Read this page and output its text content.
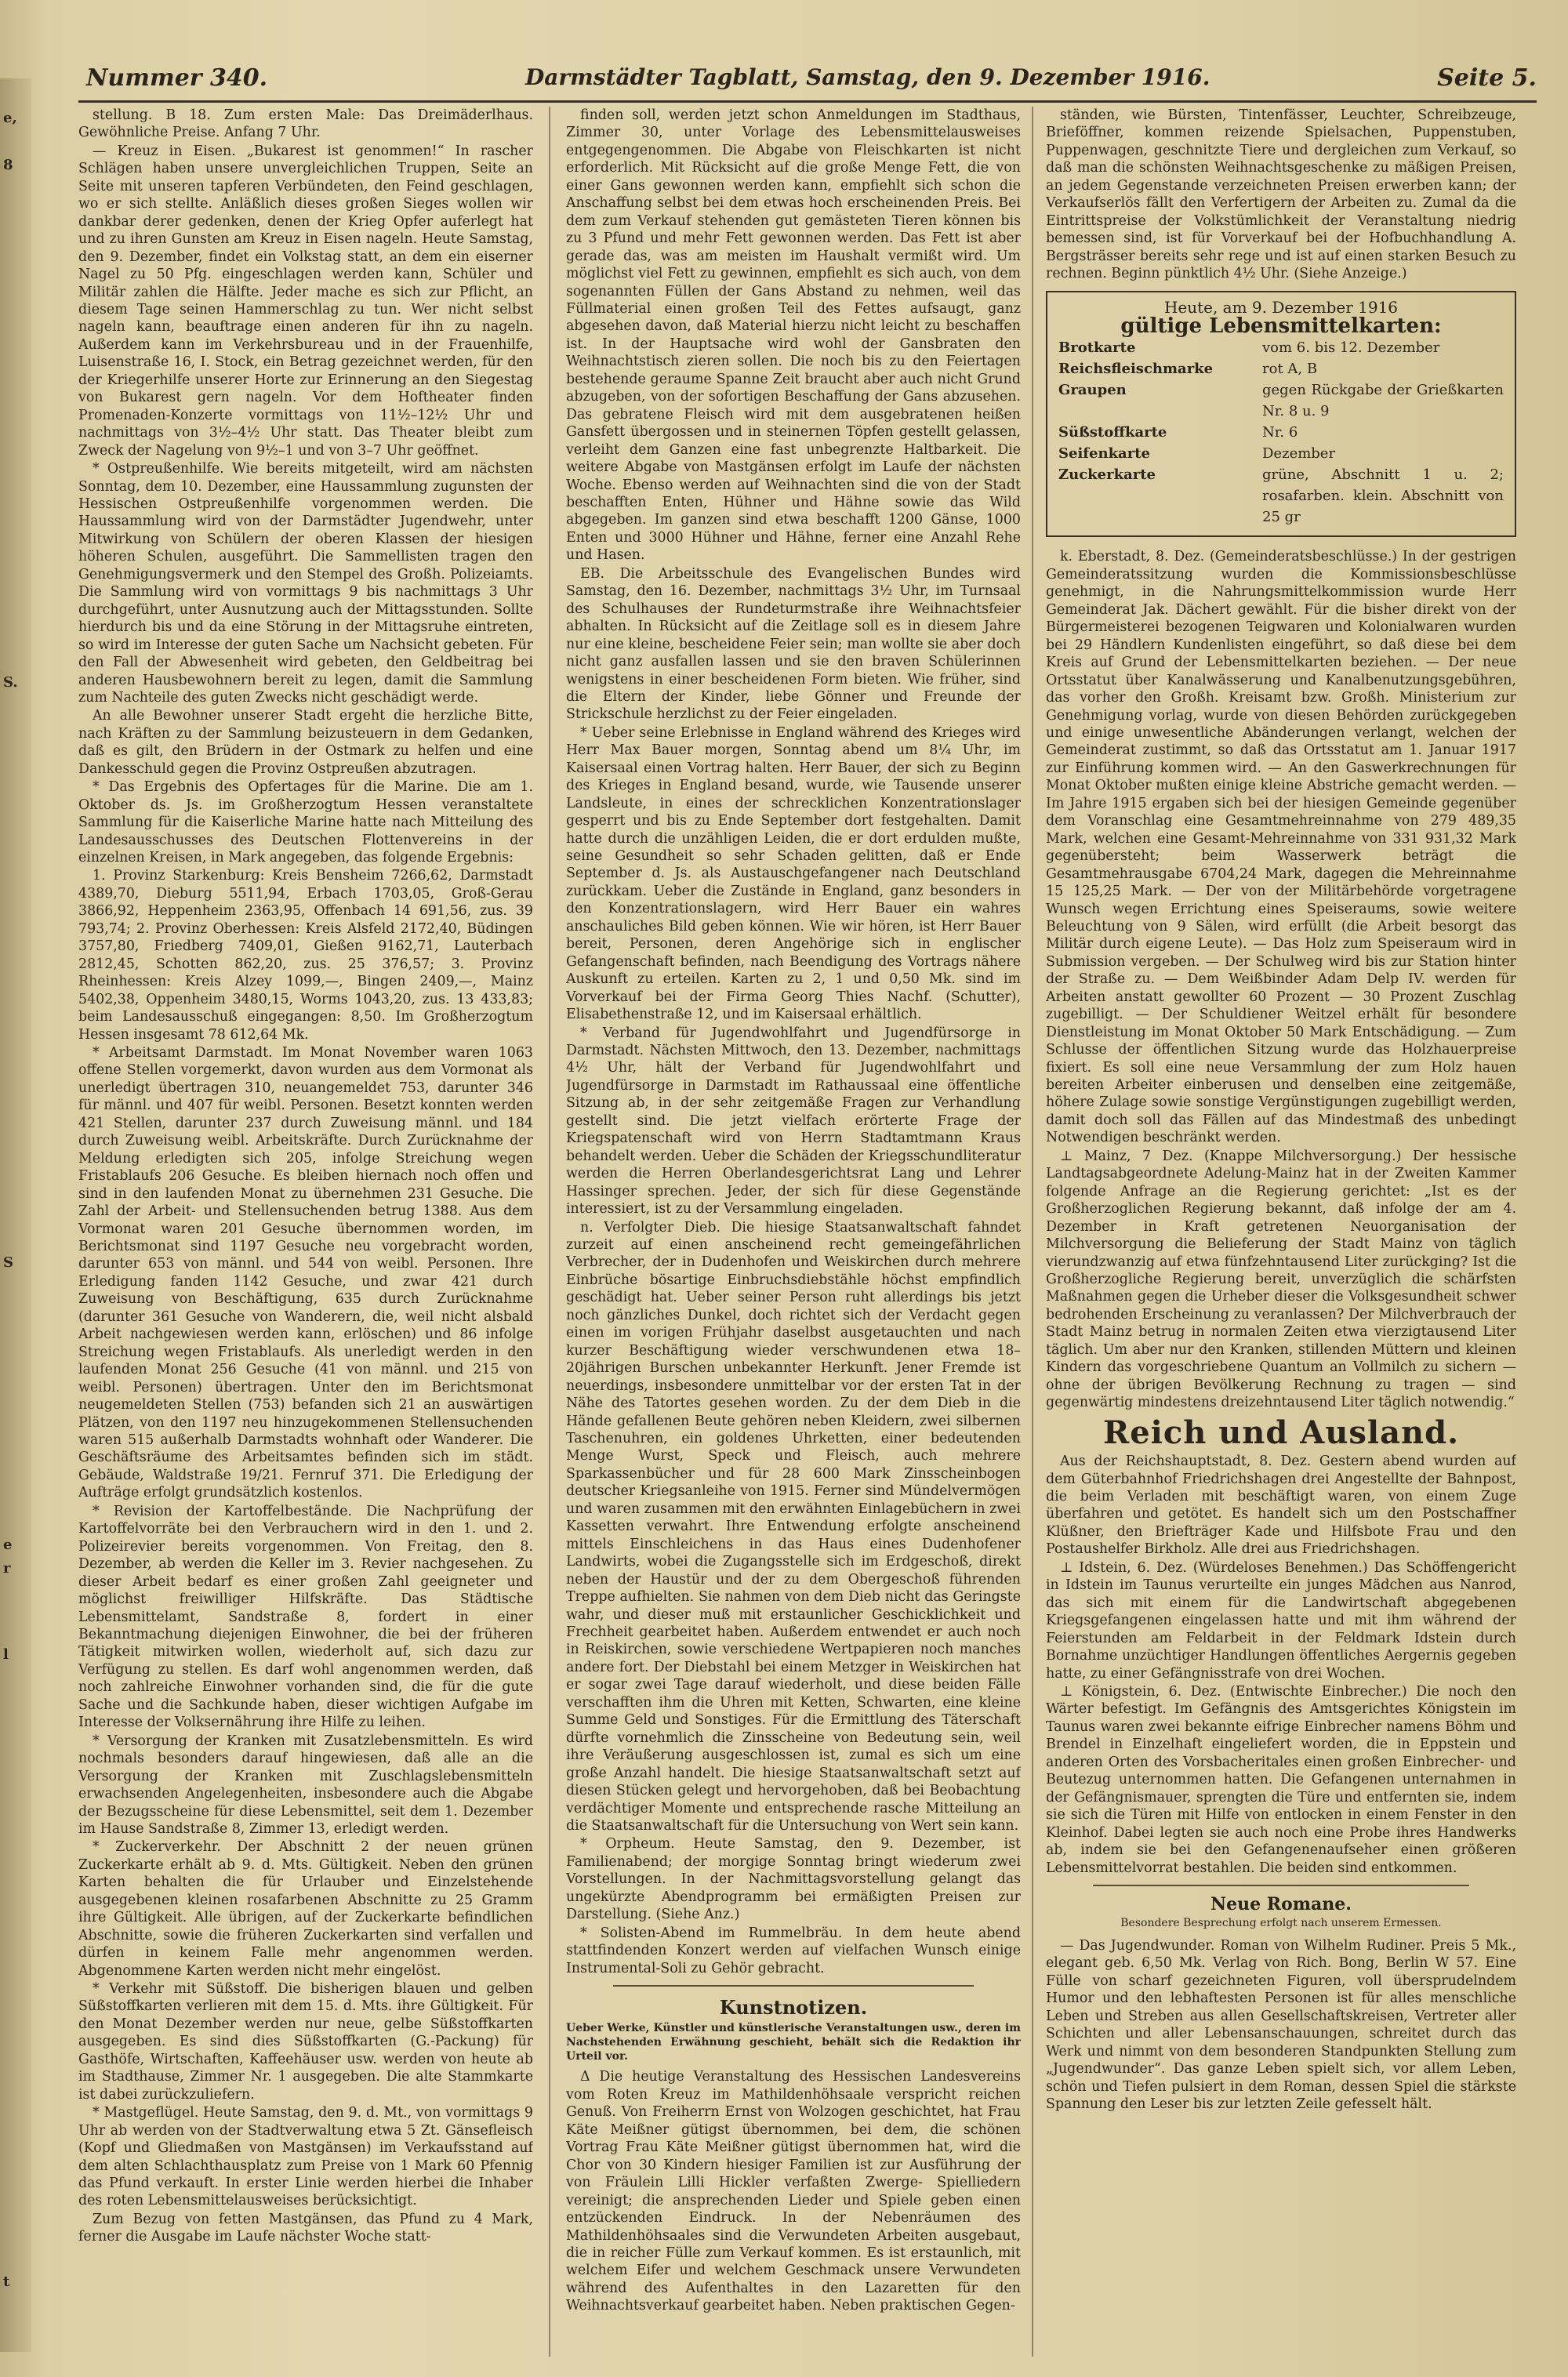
e,
8
S.
S
e
r
l
t
Nummer 340.	Darmstädter Tagblatt, Samstag, den 9. Dezember 1916.	Seite 5.

stellung. B 18. Zum ersten Male: Das Dreimäderlhaus. Gewöhnliche Preise. Anfang 7 Uhr.

— Kreuz in Eisen. „Bukarest ist genommen!“ In rascher Schlägen haben unsere unvergleichlichen Truppen, Seite an Seite mit unseren tapferen Verbündeten, den Feind geschlagen, wo er sich stellte. Anläßlich dieses großen Sieges wollen wir dankbar derer gedenken, denen der Krieg Opfer auferlegt hat und zu ihren Gunsten am Kreuz in Eisen nageln. Heute Samstag, den 9. Dezember, findet ein Volkstag statt, an dem ein eiserner Nagel zu 50 Pfg. eingeschlagen werden kann, Schüler und Militär zahlen die Hälfte. Jeder mache es sich zur Pflicht, an diesem Tage seinen Hammerschlag zu tun. Wer nicht selbst nageln kann, beauftrage einen anderen für ihn zu nageln. Außerdem kann im Verkehrsbureau und in der Frauenhilfe, Luisenstraße 16, I. Stock, ein Betrag gezeichnet werden, für den der Kriegerhilfe unserer Horte zur Erinnerung an den Siegestag von Bukarest gern nageln. Vor dem Hoftheater finden Promenaden-Konzerte vormittags von 11½–12½ Uhr und nachmittags von 3½–4½ Uhr statt. Das Theater bleibt zum Zweck der Nagelung von 9½–1 und von 3–7 Uhr geöffnet.

* Ostpreußenhilfe. Wie bereits mitgeteilt, wird am nächsten Sonntag, dem 10. Dezember, eine Haussammlung zugunsten der Hessischen Ostpreußenhilfe vorgenommen werden. Die Haussammlung wird von der Darmstädter Jugendwehr, unter Mitwirkung von Schülern der oberen Klassen der hiesigen höheren Schulen, ausgeführt. Die Sammellisten tragen den Genehmigungsvermerk und den Stempel des Großh. Polizeiamts. Die Sammlung wird von vormittags 9 bis nachmittags 3 Uhr durchgeführt, unter Ausnutzung auch der Mittagsstunden. Sollte hierdurch bis und da eine Störung in der Mittagsruhe eintreten, so wird im Interesse der guten Sache um Nachsicht gebeten. Für den Fall der Abwesenheit wird gebeten, den Geldbeitrag bei anderen Hausbewohnern bereit zu legen, damit die Sammlung zum Nachteile des guten Zwecks nicht geschädigt werde.

An alle Bewohner unserer Stadt ergeht die herzliche Bitte, nach Kräften zu der Sammlung beizusteuern in dem Gedanken, daß es gilt, den Brüdern in der Ostmark zu helfen und eine Dankesschuld gegen die Provinz Ostpreußen abzutragen.

* Das Ergebnis des Opfertages für die Marine. Die am 1. Oktober ds. Js. im Großherzogtum Hessen veranstaltete Sammlung für die Kaiserliche Marine hatte nach Mitteilung des Landesausschusses des Deutschen Flottenvereins in der einzelnen Kreisen, in Mark angegeben, das folgende Ergebnis:

1. Provinz Starkenburg: Kreis Bensheim 7266,62, Darmstadt 4389,70, Dieburg 5511,94, Erbach 1703,05, Groß-Gerau 3866,92, Heppenheim 2363,95, Offenbach 14 691,56, zus. 39 793,74; 2. Provinz Oberhessen: Kreis Alsfeld 2172,40, Büdingen 3757,80, Friedberg 7409,01, Gießen 9162,71, Lauterbach 2812,45, Schotten 862,20, zus. 25 376,57; 3. Provinz Rheinhessen: Kreis Alzey 1099,—, Bingen 2409,—, Mainz 5402,38, Oppenheim 3480,15, Worms 1043,20, zus. 13 433,83; beim Landesausschuß eingegangen: 8,50. Im Großherzogtum Hessen insgesamt 78 612,64 Mk.

* Arbeitsamt Darmstadt. Im Monat November waren 1063 offene Stellen vorgemerkt, davon wurden aus dem Vormonat als unerledigt übertragen 310, neuangemeldet 753, darunter 346 für männl. und 407 für weibl. Personen. Besetzt konnten werden 421 Stellen, darunter 237 durch Zuweisung männl. und 184 durch Zuweisung weibl. Arbeitskräfte. Durch Zurücknahme der Meldung erledigten sich 205, infolge Streichung wegen Fristablaufs 206 Gesuche. Es bleiben hiernach noch offen und sind in den laufenden Monat zu übernehmen 231 Gesuche. Die Zahl der Arbeit- und Stellensuchenden betrug 1388. Aus dem Vormonat waren 201 Gesuche übernommen worden, im Berichtsmonat sind 1197 Gesuche neu vorgebracht worden, darunter 653 von männl. und 544 von weibl. Personen. Ihre Erledigung fanden 1142 Gesuche, und zwar 421 durch Zuweisung von Beschäftigung, 635 durch Zurücknahme (darunter 361 Gesuche von Wanderern, die, weil nicht alsbald Arbeit nachgewiesen werden kann, erlöschen) und 86 infolge Streichung wegen Fristablaufs. Als unerledigt werden in den laufenden Monat 256 Gesuche (41 von männl. und 215 von weibl. Personen) übertragen. Unter den im Berichtsmonat neugemeldeten Stellen (753) befanden sich 21 an auswärtigen Plätzen, von den 1197 neu hinzugekommenen Stellensuchenden waren 515 außerhalb Darmstadts wohnhaft oder Wanderer. Die Geschäftsräume des Arbeitsamtes befinden sich im städt. Gebäude, Waldstraße 19/21. Fernruf 371. Die Erledigung der Aufträge erfolgt grundsätzlich kostenlos.

* Revision der Kartoffelbestände. Die Nachprüfung der Kartoffelvorräte bei den Verbrauchern wird in den 1. und 2. Polizeirevier bereits vorgenommen. Von Freitag, den 8. Dezember, ab werden die Keller im 3. Revier nachgesehen. Zu dieser Arbeit bedarf es einer großen Zahl geeigneter und möglichst freiwilliger Hilfskräfte. Das Städtische Lebensmittelamt, Sandstraße 8, fordert in einer Bekanntmachung diejenigen Einwohner, die bei der früheren Tätigkeit mitwirken wollen, wiederholt auf, sich dazu zur Verfügung zu stellen. Es darf wohl angenommen werden, daß noch zahlreiche Einwohner vorhanden sind, die für die gute Sache und die Sachkunde haben, dieser wichtigen Aufgabe im Interesse der Volksernährung ihre Hilfe zu leihen.

* Versorgung der Kranken mit Zusatzlebensmitteln. Es wird nochmals besonders darauf hingewiesen, daß alle an die Versorgung der Kranken mit Zuschlagslebensmitteln erwachsenden Angelegenheiten, insbesondere auch die Abgabe der Bezugsscheine für diese Lebensmittel, seit dem 1. Dezember im Hause Sandstraße 8, Zimmer 13, erledigt werden.

* Zuckerverkehr. Der Abschnitt 2 der neuen grünen Zuckerkarte erhält ab 9. d. Mts. Gültigkeit. Neben den grünen Karten behalten die für Urlauber und Einzelstehende ausgegebenen kleinen rosafarbenen Abschnitte zu 25 Gramm ihre Gültigkeit. Alle übrigen, auf der Zuckerkarte befindlichen Abschnitte, sowie die früheren Zuckerkarten sind verfallen und dürfen in keinem Falle mehr angenommen werden. Abgenommene Karten werden nicht mehr eingelöst.

* Verkehr mit Süßstoff. Die bisherigen blauen und gelben Süßstoffkarten verlieren mit dem 15. d. Mts. ihre Gültigkeit. Für den Monat Dezember werden nur neue, gelbe Süßstoffkarten ausgegeben. Es sind dies Süßstoffkarten (G.-Packung) für Gasthöfe, Wirtschaften, Kaffeehäuser usw. werden von heute ab im Stadthause, Zimmer Nr. 1 ausgegeben. Die alte Stammkarte ist dabei zurückzuliefern.

* Mastgeflügel. Heute Samstag, den 9. d. Mt., von vormittags 9 Uhr ab werden von der Stadtverwaltung etwa 5 Zt. Gänsefleisch (Kopf und Gliedmaßen von Mastgänsen) im Verkaufsstand auf dem alten Schlachthausplatz zum Preise von 1 Mark 60 Pfennig das Pfund verkauft. In erster Linie werden hierbei die Inhaber des roten Lebensmittelausweises berücksichtigt.

Zum Bezug von fetten Mastgänsen, das Pfund zu 4 Mark, ferner die Ausgabe im Laufe nächster Woche statt-

finden soll, werden jetzt schon Anmeldungen im Stadthaus, Zimmer 30, unter Vorlage des Lebensmittelausweises entgegengenommen. Die Abgabe von Fleischkarten ist nicht erforderlich. Mit Rücksicht auf die große Menge Fett, die von einer Gans gewonnen werden kann, empfiehlt sich schon die Anschaffung selbst bei dem etwas hoch erscheinenden Preis. Bei dem zum Verkauf stehenden gut gemästeten Tieren können bis zu 3 Pfund und mehr Fett gewonnen werden. Das Fett ist aber gerade das, was am meisten im Haushalt vermißt wird. Um möglichst viel Fett zu gewinnen, empfiehlt es sich auch, von dem sogenannten Füllen der Gans Abstand zu nehmen, weil das Füllmaterial einen großen Teil des Fettes aufsaugt, ganz abgesehen davon, daß Material hierzu nicht leicht zu beschaffen ist. In der Hauptsache wird wohl der Gansbraten den Weihnachtstisch zieren sollen. Die noch bis zu den Feiertagen bestehende geraume Spanne Zeit braucht aber auch nicht Grund abzugeben, von der sofortigen Beschaffung der Gans abzusehen. Das gebratene Fleisch wird mit dem ausgebratenen heißen Gansfett übergossen und in steinernen Töpfen gestellt gelassen, verleiht dem Ganzen eine fast unbegrenzte Haltbarkeit. Die weitere Abgabe von Mastgänsen erfolgt im Laufe der nächsten Woche. Ebenso werden auf Weihnachten sind die von der Stadt beschafften Enten, Hühner und Hähne sowie das Wild abgegeben. Im ganzen sind etwa beschafft 1200 Gänse, 1000 Enten und 3000 Hühner und Hähne, ferner eine Anzahl Rehe und Hasen.

EB. Die Arbeitsschule des Evangelischen Bundes wird Samstag, den 16. Dezember, nachmittags 3½ Uhr, im Turnsaal des Schulhauses der Rundeturmstraße ihre Weihnachtsfeier abhalten. In Rücksicht auf die Zeitlage soll es in diesem Jahre nur eine kleine, bescheidene Feier sein; man wollte sie aber doch nicht ganz ausfallen lassen und sie den braven Schülerinnen wenigstens in einer bescheidenen Form bieten. Wie früher, sind die Eltern der Kinder, liebe Gönner und Freunde der Strickschule herzlichst zu der Feier eingeladen.

* Ueber seine Erlebnisse in England während des Krieges wird Herr Max Bauer morgen, Sonntag abend um 8¼ Uhr, im Kaisersaal einen Vortrag halten. Herr Bauer, der sich zu Beginn des Krieges in England besand, wurde, wie Tausende unserer Landsleute, in eines der schrecklichen Konzentrationslager gesperrt und bis zu Ende September dort festgehalten. Damit hatte durch die unzähligen Leiden, die er dort erdulden mußte, seine Gesundheit so sehr Schaden gelitten, daß er Ende September d. Js. als Austauschgefangener nach Deutschland zurückkam. Ueber die Zustände in England, ganz besonders in den Konzentrationslagern, wird Herr Bauer ein wahres anschauliches Bild geben können. Wie wir hören, ist Herr Bauer bereit, Personen, deren Angehörige sich in englischer Gefangenschaft befinden, nach Beendigung des Vortrags nähere Auskunft zu erteilen. Karten zu 2, 1 und 0,50 Mk. sind im Vorverkauf bei der Firma Georg Thies Nachf. (Schutter), Elisabethenstraße 12, und im Kaisersaal erhältlich.

* Verband für Jugendwohlfahrt und Jugendfürsorge in Darmstadt. Nächsten Mittwoch, den 13. Dezember, nachmittags 4½ Uhr, hält der Verband für Jugendwohlfahrt und Jugendfürsorge in Darmstadt im Rathaussaal eine öffentliche Sitzung ab, in der sehr zeitgemäße Fragen zur Verhandlung gestellt sind. Die jetzt vielfach erörterte Frage der Kriegspatenschaft wird von Herrn Stadtamtmann Kraus behandelt werden. Ueber die Schäden der Kriegsschundliteratur werden die Herren Oberlandesgerichtsrat Lang und Lehrer Hassinger sprechen. Jeder, der sich für diese Gegenstände interessiert, ist zu der Versammlung eingeladen.

n. Verfolgter Dieb. Die hiesige Staatsanwaltschaft fahndet zurzeit auf einen anscheinend recht gemeingefährlichen Verbrecher, der in Dudenhofen und Weiskirchen durch mehrere Einbrüche bösartige Einbruchsdiebstähle höchst empfindlich geschädigt hat. Ueber seiner Person ruht allerdings bis jetzt noch gänzliches Dunkel, doch richtet sich der Verdacht gegen einen im vorigen Frühjahr daselbst ausgetauchten und nach kurzer Beschäftigung wieder verschwundenen etwa 18–20jährigen Burschen unbekannter Herkunft. Jener Fremde ist neuerdings, insbesondere unmittelbar vor der ersten Tat in der Nähe des Tatortes gesehen worden. Zu der dem Dieb in die Hände gefallenen Beute gehören neben Kleidern, zwei silbernen Taschenuhren, ein goldenes Uhrketten, einer bedeutenden Menge Wurst, Speck und Fleisch, auch mehrere Sparkassenbücher und für 28 600 Mark Zinsscheinbogen deutscher Kriegsanleihe von 1915. Ferner sind Mündelvermögen und waren zusammen mit den erwähnten Einlagebüchern in zwei Kassetten verwahrt. Ihre Entwendung erfolgte anscheinend mittels Einschleichens in das Haus eines Dudenhofener Landwirts, wobei die Zugangsstelle sich im Erdgeschoß, direkt neben der Haustür und der zu dem Obergeschoß führenden Treppe aufhielten. Sie nahmen von dem Dieb nicht das Geringste wahr, und dieser muß mit erstaunlicher Geschicklichkeit und Frechheit gearbeitet haben. Außerdem entwendet er auch noch in Reiskirchen, sowie verschiedene Wertpapieren noch manches andere fort. Der Diebstahl bei einem Metzger in Weiskirchen hat er sogar zwei Tage darauf wiederholt, und diese beiden Fälle verschafften ihm die Uhren mit Ketten, Schwarten, eine kleine Summe Geld und Sonstiges. Für die Ermittlung des Täterschaft dürfte vornehmlich die Zinsscheine von Bedeutung sein, weil ihre Veräußerung ausgeschlossen ist, zumal es sich um eine große Anzahl handelt. Die hiesige Staatsanwaltschaft setzt auf diesen Stücken gelegt und hervorgehoben, daß bei Beobachtung verdächtiger Momente und entsprechende rasche Mitteilung an die Staatsanwaltschaft für die Untersuchung von Wert sein kann.

* Orpheum. Heute Samstag, den 9. Dezember, ist Familienabend; der morgige Sonntag bringt wiederum zwei Vorstellungen. In der Nachmittagsvorstellung gelangt das ungekürzte Abendprogramm bei ermäßigten Preisen zur Darstellung. (Siehe Anz.)

* Solisten-Abend im Rummelbräu. In dem heute abend stattfindenden Konzert werden auf vielfachen Wunsch einige Instrumental-Soli zu Gehör gebracht.

Kunstnotizen.
Ueber Werke, Künstler und künstlerische Veranstaltungen usw., deren im Nachstehenden Erwähnung geschieht, behält sich die Redaktion ihr Urteil vor.

Δ Die heutige Veranstaltung des Hessischen Landesvereins vom Roten Kreuz im Mathildenhöhsaale verspricht reichen Genuß. Von Freiherrn Ernst von Wolzogen geschichtet, hat Frau Käte Meißner gütigst übernommen, bei dem, die schönen Vortrag Frau Käte Meißner gütigst übernommen hat, wird die Chor von 30 Kindern hiesiger Familien ist zur Ausführung der von Fräulein Lilli Hickler verfaßten Zwerge- Spielliedern vereinigt; die ansprechenden Lieder und Spiele geben einen entzückenden Eindruck. In der Nebenräumen des Mathildenhöhsaales sind die Verwundeten Arbeiten ausgebaut, die in reicher Fülle zum Verkauf kommen. Es ist erstaunlich, mit welchem Eifer und welchem Geschmack unsere Verwundeten während des Aufenthaltes in den Lazaretten für den Weihnachtsverkauf gearbeitet haben. Neben praktischen Gegen-

ständen, wie Bürsten, Tintenfässer, Leuchter, Schreibzeuge, Brieföffner, kommen reizende Spielsachen, Puppenstuben, Puppenwagen, geschnitzte Tiere und dergleichen zum Verkauf, so daß man die schönsten Weihnachtsgeschenke zu mäßigen Preisen, an jedem Gegenstande verzeichneten Preisen erwerben kann; der Verkaufserlös fällt den Verfertigern der Arbeiten zu. Zumal da die Eintrittspreise der Volkstümlichkeit der Veranstaltung niedrig bemessen sind, ist für Vorverkauf bei der Hofbuchhandlung A. Bergsträsser bereits sehr rege und ist auf einen starken Besuch zu rechnen. Beginn pünktlich 4½ Uhr. (Siehe Anzeige.)

Heute, am 9. Dezember 1916
gültige Lebensmittelkarten:
Brotkarte	vom 6. bis 12. Dezember
Reichsfleischmarke	rot A, B
Graupen	gegen Rückgabe der Grießkarten Nr. 8 u. 9
Süßstoffkarte	Nr. 6
Seifenkarte	Dezember
Zuckerkarte	grüne, Abschnitt 1 u. 2; rosafarben. klein. Abschnitt von 25 gr

k. Eberstadt, 8. Dez. (Gemeinderatsbeschlüsse.) In der gestrigen Gemeinderatssitzung wurden die Kommissionsbeschlüsse genehmigt, in die Nahrungsmittelkommission wurde Herr Gemeinderat Jak. Dächert gewählt. Für die bisher direkt von der Bürgermeisterei bezogenen Teigwaren und Kolonialwaren wurden bei 29 Händlern Kundenlisten eingeführt, so daß diese bei dem Kreis auf Grund der Lebensmittelkarten beziehen. — Der neue Ortsstatut über Kanalwässerung und Kanalbenutzungsgebühren, das vorher den Großh. Kreisamt bzw. Großh. Ministerium zur Genehmigung vorlag, wurde von diesen Behörden zurückgegeben und einige unwesentliche Abänderungen verlangt, welchen der Gemeinderat zustimmt, so daß das Ortsstatut am 1. Januar 1917 zur Einführung kommen wird. — An den Gaswerkrechnungen für Monat Oktober mußten einige kleine Abstriche gemacht werden. — Im Jahre 1915 ergaben sich bei der hiesigen Gemeinde gegenüber dem Voranschlag eine Gesamtmehreinnahme von 279 489,35 Mark, welchen eine Gesamt-Mehreinnahme von 331 931,32 Mark gegenübersteht; beim Wasserwerk beträgt die Gesamtmehrausgabe 6704,24 Mark, dagegen die Mehreinnahme 15 125,25 Mark. — Der von der Militärbehörde vorgetragene Wunsch wegen Errichtung eines Speiseraums, sowie weitere Beleuchtung von 9 Sälen, wird erfüllt (die Arbeit besorgt das Militär durch eigene Leute). — Das Holz zum Speiseraum wird in Submission vergeben. — Der Schulweg wird bis zur Station hinter der Straße zu. — Dem Weißbinder Adam Delp IV. werden für Arbeiten anstatt gewollter 60 Prozent — 30 Prozent Zuschlag zugebilligt. — Der Schuldiener Weitzel erhält für besondere Dienstleistung im Monat Oktober 50 Mark Entschädigung. — Zum Schlusse der öffentlichen Sitzung wurde das Holzhauerpreise fixiert. Es soll eine neue Versammlung der zum Holz hauen bereiten Arbeiter einberusen und denselben eine zeitgemäße, höhere Zulage sowie sonstige Vergünstigungen zugebilligt werden, damit doch soll das Fällen auf das Mindestmaß des unbedingt Notwendigen beschränkt werden.

⊥ Mainz, 7 Dez. (Knappe Milchversorgung.) Der hessische Landtagsabgeordnete Adelung-Mainz hat in der Zweiten Kammer folgende Anfrage an die Regierung gerichtet: „Ist es der Großherzoglichen Regierung bekannt, daß infolge der am 4. Dezember in Kraft getretenen Neuorganisation der Milchversorgung die Belieferung der Stadt Mainz von täglich vierundzwanzig auf etwa fünfzehntausend Liter zurückging? Ist die Großherzogliche Regierung bereit, unverzüglich die schärfsten Maßnahmen gegen die Urheber dieser die Volksgesundheit schwer bedrohenden Erscheinung zu veranlassen? Der Milchverbrauch der Stadt Mainz betrug in normalen Zeiten etwa vierzigtausend Liter täglich. Um aber nur den Kranken, stillenden Müttern und kleinen Kindern das vorgeschriebene Quantum an Vollmilch zu sichern — ohne der übrigen Bevölkerung Rechnung zu tragen — sind gegenwärtig mindestens dreizehntausend Liter täglich notwendig.“

Reich und Ausland.

Aus der Reichshauptstadt, 8. Dez. Gestern abend wurden auf dem Güterbahnhof Friedrichshagen drei Angestellte der Bahnpost, die beim Verladen mit beschäftigt waren, von einem Zuge überfahren und getötet. Es handelt sich um den Postschaffner Klüßner, den Briefträger Kade und Hilfsbote Frau und den Postaushelfer Birkholz. Alle drei aus Friedrichshagen.

⊥ Idstein, 6. Dez. (Würdeloses Benehmen.) Das Schöffengericht in Idstein im Taunus verurteilte ein junges Mädchen aus Nanrod, das sich mit einem für die Landwirtschaft abgegebenen Kriegsgefangenen eingelassen hatte und mit ihm während der Feierstunden am Feldarbeit in der Feldmark Idstein durch Bornahme unzüchtiger Handlungen öffentliches Aergernis gegeben hatte, zu einer Gefängnisstrafe von drei Wochen.

⊥ Königstein, 6. Dez. (Entwischte Einbrecher.) Die noch den Wärter befestigt. Im Gefängnis des Amtsgerichtes Königstein im Taunus waren zwei bekannte eifrige Einbrecher namens Böhm und Brendel in Einzelhaft eingeliefert worden, die in Eppstein und anderen Orten des Vorsbacheritales einen großen Einbrecher- und Beutezug unternommen hatten. Die Gefangenen unternahmen in der Gefängnismauer, sprengten die Türe und entfernten sie, indem sie sich die Türen mit Hilfe von entlocken in einem Fenster in den Kleinhof. Dabei legten sie auch noch eine Probe ihres Handwerks ab, indem sie bei den Gefangenenaufseher einen größeren Lebensmittelvorrat bestahlen. Die beiden sind entkommen.

Neue Romane.
Besondere Besprechung erfolgt nach unserem Ermessen.

— Das Jugendwunder. Roman von Wilhelm Rudiner. Preis 5 Mk., elegant geb. 6,50 Mk. Verlag von Rich. Bong, Berlin W 57. Eine Fülle von scharf gezeichneten Figuren, voll übersprudelndem Humor und den lebhaftesten Personen ist für alles menschliche Leben und Streben aus allen Gesellschaftskreisen, Vertreter aller Schichten und aller Lebensanschauungen, schreitet durch das Werk und nimmt von dem besonderen Standpunkten Stellung zum „Jugendwunder“. Das ganze Leben spielt sich, vor allem Leben, schön und Tiefen pulsiert in dem Roman, dessen Spiel die stärkste Spannung den Leser bis zur letzten Zeile gefesselt hält.
